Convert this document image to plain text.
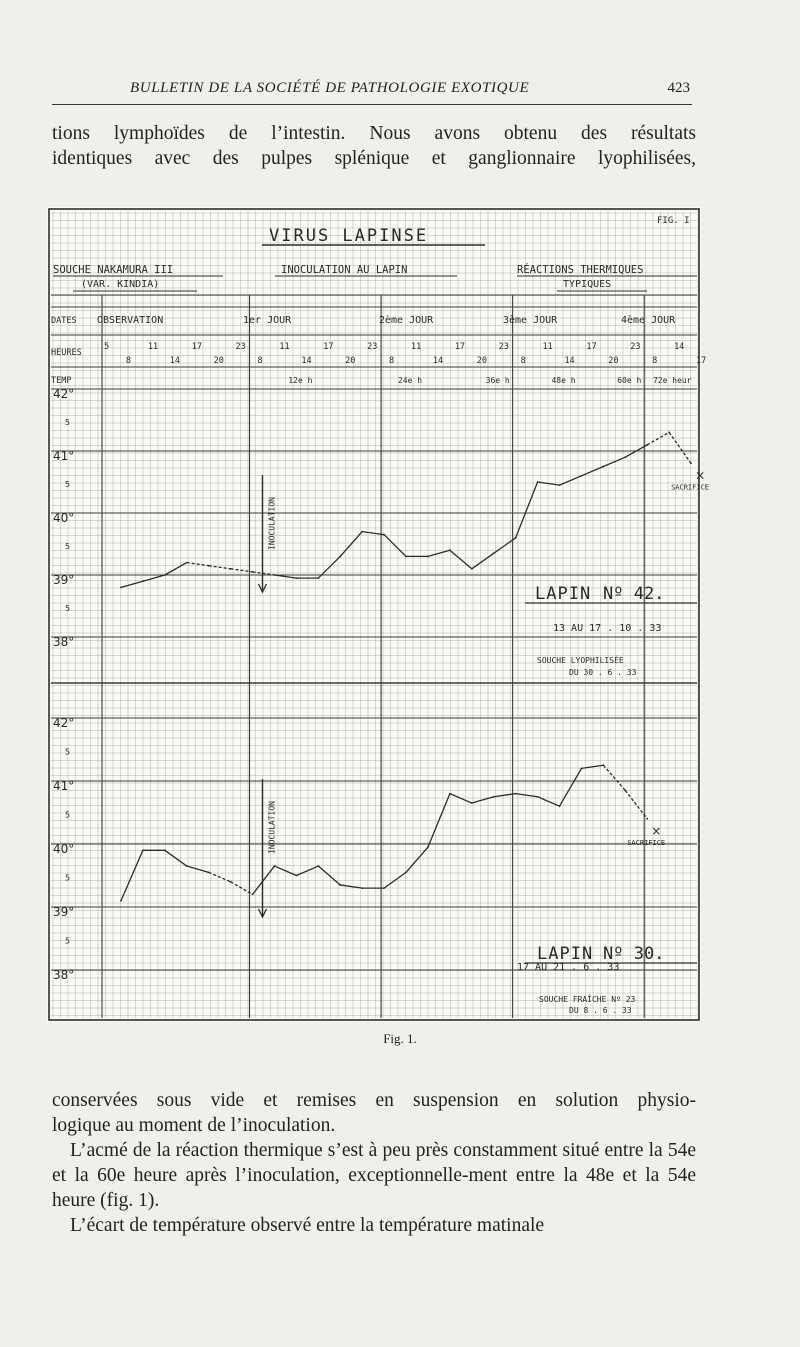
BULLETIN DE LA SOCIÉTÉ DE PATHOLOGIE EXOTIQUE	423
tions lymphoïdes de l’intestin. Nous avons obtenu des résultats
identiques avec des pulpes splénique et ganglionnaire lyophilisées,
FIG. I
VIRUS LAPINSE
SOUCHE NAKAMURA III
(VAR. KINDIA)
INOCULATION AU LAPIN	RÉACTIONS THERMIQUES
TYPIQUES
DATES
HEURES
TEMP
OBSERVATION	1er JOUR	2ème JOUR	3ème JOUR	4ème JOUR
5
8
11
14
17
20
23
8
11
14
17
20
23
8
11
14
17
20
23
8
11
14
17
20
23
8
14
17
12e h	24e h	36e h	48e h	60e h 72e heur
42°
5
41°
5
40°
5
39°
5
38°
42°
5
41°
5
40°
5
39°
5
38°
×
SACRIFICE
INOCULATION
×
SACRIFICE
INOCULATION
LAPIN Nº 42.
13 AU 17 . 10 . 33
SOUCHE LYOPHILISÉE
DU 30 . 6 . 33
LAPIN Nº 30.
17 AU 21 . 6 . 33
SOUCHE FRAÎCHE Nº 23
DU 8 . 6 . 33
Fig. 1.
conservées sous vide et remises en suspension en solution physio-
logique au moment de l’inoculation.
L’acmé de la réaction thermique s’est à peu près constamment situé entre la 54e et la 60e heure après l’inoculation, exceptionnelle-ment entre la 48e et la 54e heure (fig. 1).
L’écart de température observé entre la température matinale
